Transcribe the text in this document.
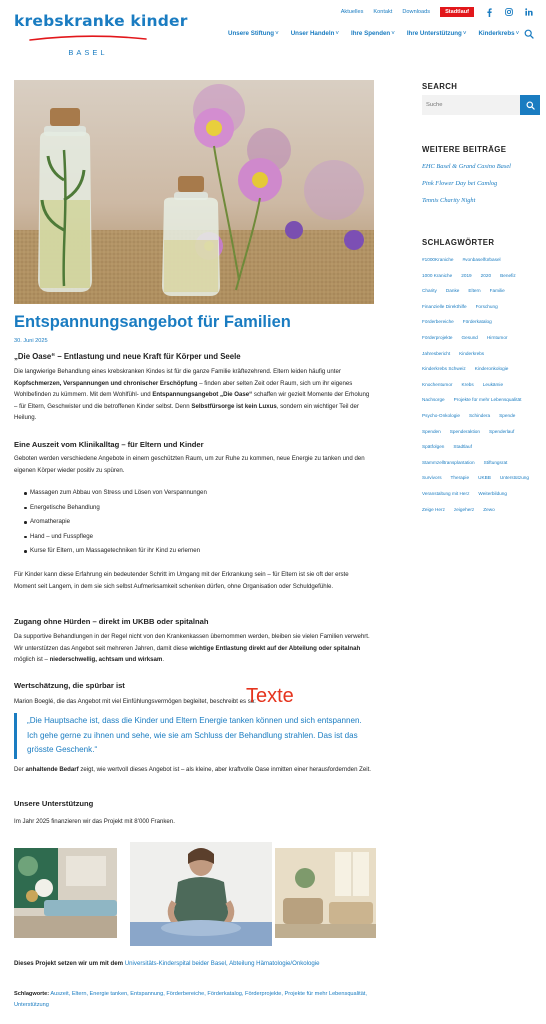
krebskranke kinder
BASEL
Aktuelles Kontakt Downloads	Stadtlauf
Unsere Stiftung˅ Unser Handeln˅ Ihre Spenden˅ Ihre Unterstützung˅ Kinderkrebs˅
Entspannungsangebot für Familien
30. Juni 2025
„Die Oase“ – Entlastung und neue Kraft für Körper und Seele

Die langwierige Behandlung eines krebskranken Kindes ist für die ganze Familie kräftezehrend. Eltern leiden häufig unter Kopfschmerzen, Verspannungen und chronischer Erschöpfung – finden aber selten Zeit oder Raum, sich um ihr eigenes Wohlbefinden zu kümmern. Mit dem Wohlfühl- und Entspannungsangebot „Die Oase“ schaffen wir gezielt Momente der Erholung – für Eltern, Geschwister und die betroffenen Kinder selbst. Denn Selbstfürsorge ist kein Luxus, sondern ein wichtiger Teil der Heilung.

Eine Auszeit vom Klinikalltag – für Eltern und Kinder

Geboten werden verschiedene Angebote in einem geschützten Raum, um zur Ruhe zu kommen, neue Energie zu tanken und den eigenen Körper wieder positiv zu spüren.

Massagen zum Abbau von Stress und Lösen von Verspannungen
Energetische Behandlung
Aromatherapie
Hand – und Fusspflege
Kurse für Eltern, um Massagetechniken für ihr Kind zu erlernen

Für Kinder kann diese Erfahrung ein bedeutender Schritt im Umgang mit der Erkrankung sein – für Eltern ist sie oft der erste Moment seit Langem, in dem sie sich selbst Aufmerksamkeit schenken dürfen, ohne Organisation oder Schuldgefühle.

Zugang ohne Hürden – direkt im UKBB oder spitalnah

Da supportive Behandlungen in der Regel nicht von den Krankenkassen übernommen werden, bleiben sie vielen Familien verwehrt. Wir unterstützen das Angebot seit mehreren Jahren, damit diese wichtige Entlastung direkt auf der Abteilung oder spitalnah möglich ist – niederschwellig, achtsam und wirksam.

Wertschätzung, die spürbar ist

Marion Boeglé, die das Angebot mit viel Einfühlungsvermögen begleitet, beschreibt es so:

Texte
„Die Hauptsache ist, dass die Kinder und Eltern Energie tanken können und sich entspannen. Ich gehe gerne zu ihnen und sehe, wie sie am Schluss der Behandlung strahlen. Das ist das grösste Geschenk.“

Der anhaltende Bedarf zeigt, wie wertvoll dieses Angebot ist – als kleine, aber kraftvolle Oase inmitten einer herausfordernden Zeit.

Unsere Unterstützung

Im Jahr 2025 finanzieren wir das Projekt mit 8’000 Franken.

Dieses Projekt setzen wir um mit dem Universitäts-Kinderspital beider Basel, Abteilung Hämatologie/Onkologie

Schlagworte: Auszeit, Eltern, Energie tanken, Entspannung, Förderbereiche, Förderkatalog, Förderprojekte, Projekte für mehr Lebensqualität, Unterstützung
SEARCH
Suche
WEITERE BEITRÄGE
EHC Basel & Grand Casino Basel
Pink Flower Day bei Camlog
Tennis Charity Night
SCHLAGWÖRTER
#1000Kraniche #vonbaselfürbasel
1000 Kraniche 2019 2020 Benefiz
Charity Danke Eltern Familie
Finanzielle Direkthilfe Forschung
Förderbereiche Förderkatalog
Förderprojekte Gesund Hirntumor
Jahresbericht Kinderkrebs
Kinderkrebs Schweiz Kinderonkologie
Knochentumor Krebs Leukämie
Nachsorge Projekte für mehr Lebensqualität
Psycho-Onkologie Schindera Spende
Spenden Spenderaktion Spenderlauf
Spätfolgen Stadtlauf
Stammzelltransplantation Stiftungsrat
Survivors Therapie UKBB Unterstützung
Veranstaltung mit Herz Weiterbildung
Zeige Herz zeigeherz Zewo
